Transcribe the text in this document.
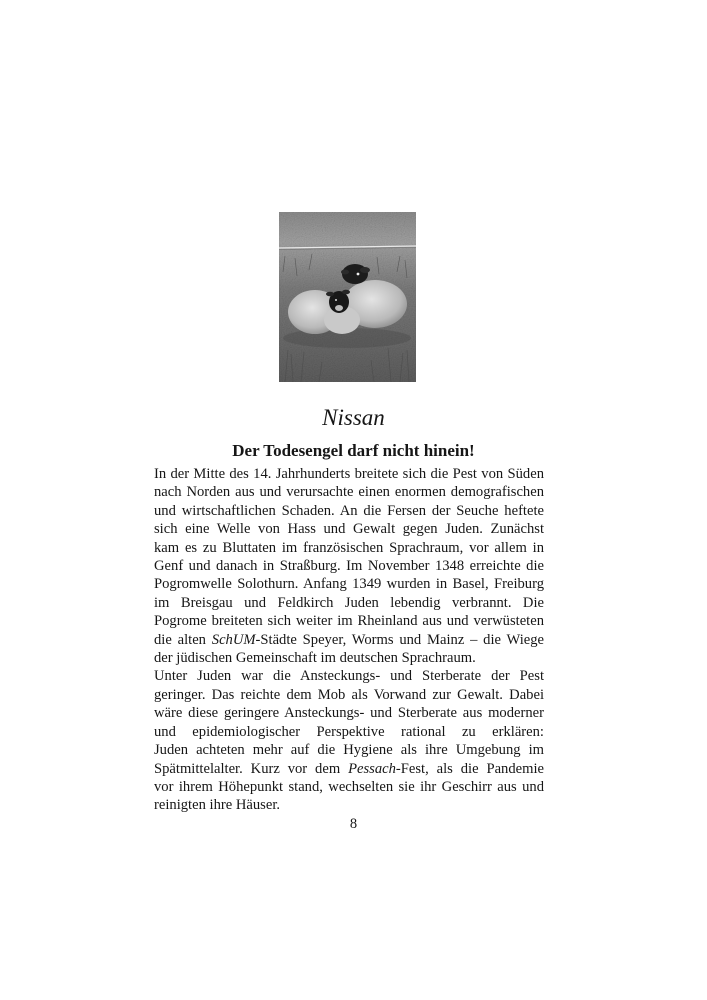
Nissan
Der Todesengel darf nicht hinein!

In der Mitte des 14. Jahrhunderts breitete sich die Pest von Süden
nach Norden aus und verursachte einen enormen demografischen
und wirtschaftlichen Schaden. An die Fersen der Seuche heftete
sich eine Welle von Hass und Gewalt gegen Juden. Zunächst
kam es zu Bluttaten im französischen Sprachraum, vor allem in
Genf und danach in Straßburg. Im November 1348 erreichte die
Pogromwelle Solothurn. Anfang 1349 wurden in Basel, Freiburg
im Breisgau und Feldkirch Juden lebendig verbrannt. Die
Pogrome breiteten sich weiter im Rheinland aus und verwüsteten
die alten SchUM-Städte Speyer, Worms und Mainz – die Wiege
der jüdischen Gemeinschaft im deutschen Sprachraum.

Unter Juden war die Ansteckungs- und Sterberate der Pest
geringer. Das reichte dem Mob als Vorwand zur Gewalt. Dabei
wäre diese geringere Ansteckungs- und Sterberate aus moderner
und epidemiologischer Perspektive rational zu erklären:
Juden achteten mehr auf die Hygiene als ihre Umgebung im
Spätmittelalter. Kurz vor dem Pessach-Fest, als die Pandemie
vor ihrem Höhepunkt stand, wechselten sie ihr Geschirr aus und
reinigten ihre Häuser.

8
